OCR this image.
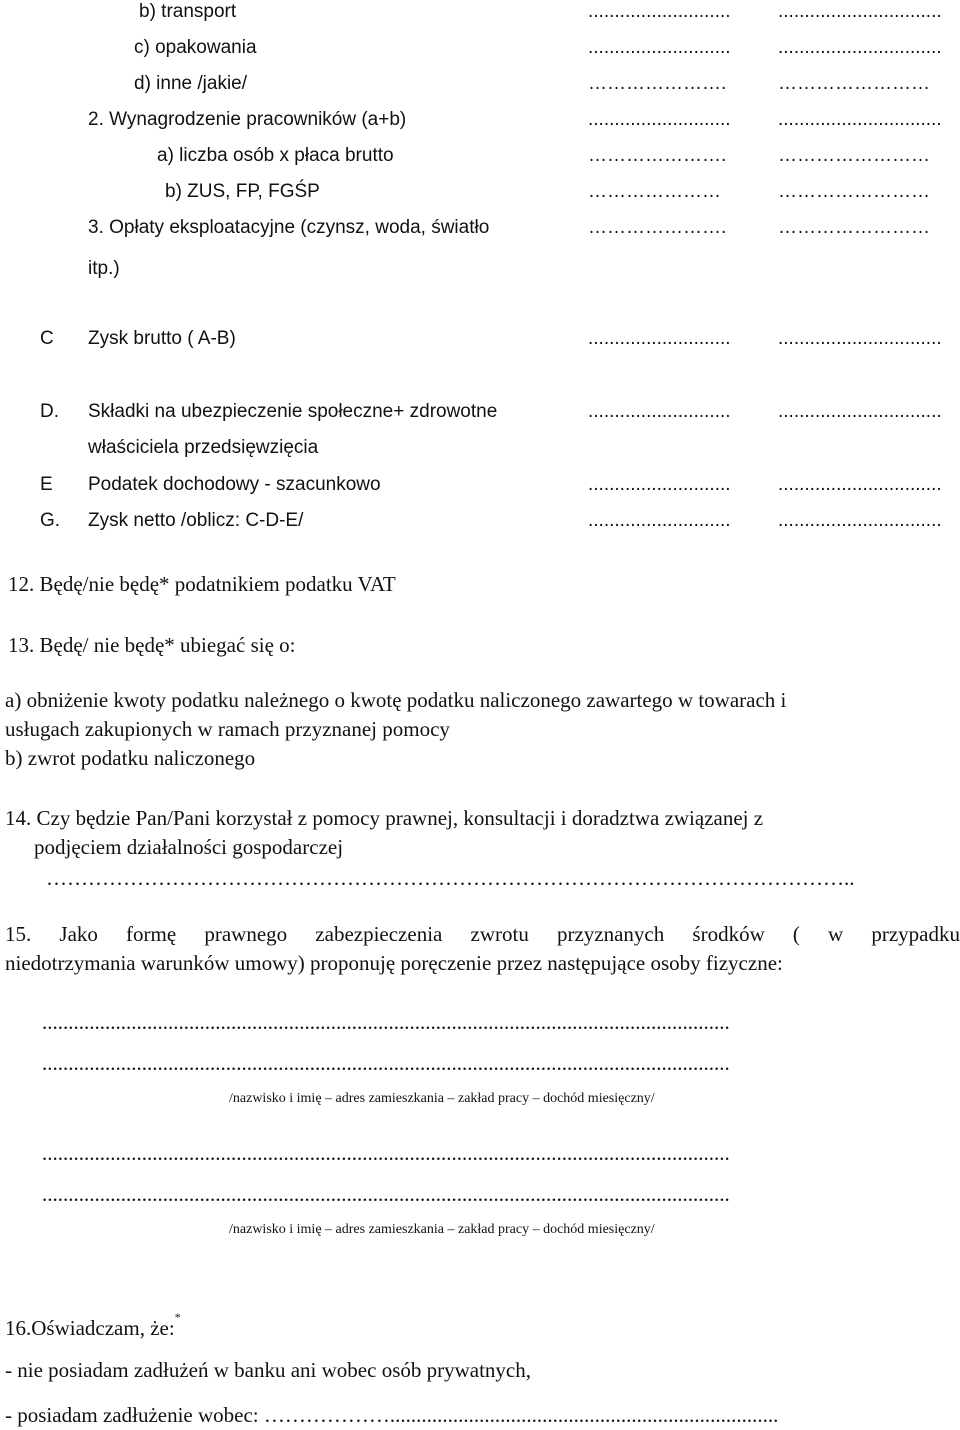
b) transport	........................... ...............................
c) opakowania	........................... ...............................
d) inne /jakie/	………………….	……………………
2. Wynagrodzenie pracowników (a+b)	........................... ...............................
a) liczba osób x płaca brutto	………………….	……………………
b) ZUS, FP, FGŚP	…………………	……………………
3. Opłaty eksploatacyjne (czynsz, woda, światło	………………….	……………………
itp.)
C Zysk brutto ( A-B)	........................... ...............................
D. Składki na ubezpieczenie społeczne+ zdrowotne	........................... ...............................
właściciela przedsięwzięcia
E Podatek dochodowy - szacunkowo	........................... ...............................
G. Zysk netto /oblicz: C-D-E/	........................... ...............................
12. Będę/nie będę* podatnikiem podatku VAT
13. Będę/ nie będę* ubiegać się o:
a) obniżenie kwoty podatku należnego o kwotę podatku naliczonego zawartego w towarach i
usługach zakupionych w ramach przyznanej pomocy
b) zwrot podatku naliczonego
14. Czy będzie Pan/Pani korzystał z pomocy prawnej, konsultacji i doradztwa związanej z
podjęciem działalności gospodarczej
……………………………………………………………………………………………………..
15. Jako formę prawnego zabezpieczenia zwrotu przyznanych środków ( w przypadku
niedotrzymania warunków umowy) proponuję poręczenie przez następujące osoby fizyczne:
...................................................................................................................................
...................................................................................................................................
/nazwisko i imię – adres zamieszkania – zakład pracy – dochód miesięczny/
...................................................................................................................................
...................................................................................................................................
/nazwisko i imię – adres zamieszkania – zakład pracy – dochód miesięczny/
16.Oświadczam, że:*
- nie posiadam zadłużeń w banku ani wobec osób prywatnych,
- posiadam zadłużenie wobec: ………………..........................................................................
